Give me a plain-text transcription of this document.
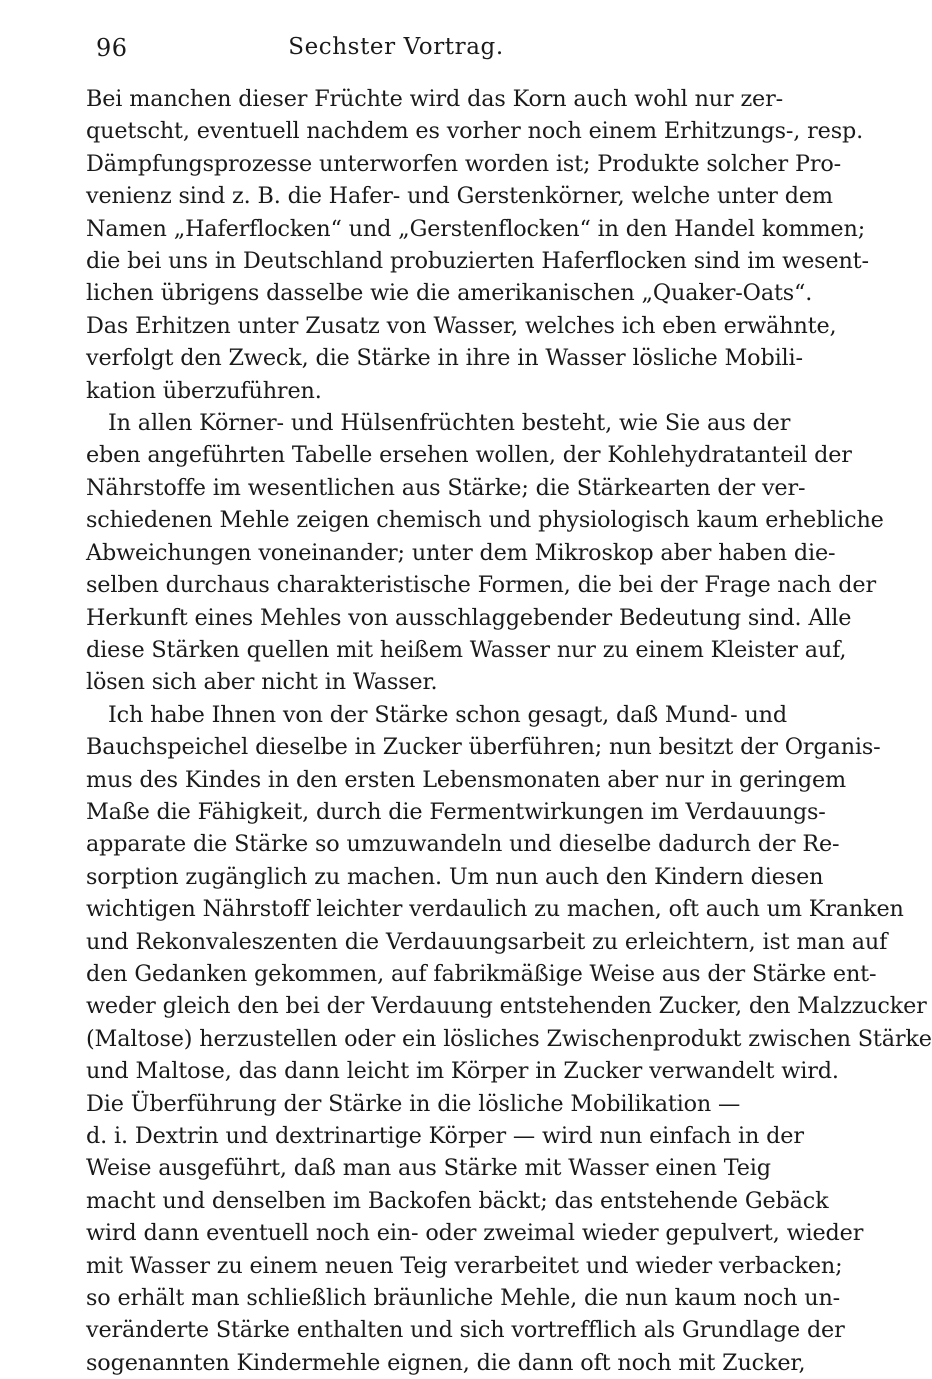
96	Sechster Vortrag.
Bei manchen dieser Früchte wird das Korn auch wohl nur zer-
quetscht, eventuell nachdem es vorher noch einem Erhitzungs-, resp.
Dämpfungsprozesse unterworfen worden ist; Produkte solcher Pro-
venienz sind z. B. die Hafer- und Gerstenkörner, welche unter dem
Namen „Haferflocken“ und „Gerstenflocken“ in den Handel kommen;
die bei uns in Deutschland probuzierten Haferflocken sind im wesent-
lichen übrigens dasselbe wie die amerikanischen „Quaker-Oats“.
Das Erhitzen unter Zusatz von Wasser, welches ich eben erwähnte,
verfolgt den Zweck, die Stärke in ihre in Wasser lösliche Mobili-
kation überzuführen.
In allen Körner- und Hülsenfrüchten besteht, wie Sie aus der
eben angeführten Tabelle ersehen wollen, der Kohlehydratanteil der
Nährstoffe im wesentlichen aus Stärke; die Stärkearten der ver-
schiedenen Mehle zeigen chemisch und physiologisch kaum erhebliche
Abweichungen voneinander; unter dem Mikroskop aber haben die-
selben durchaus charakteristische Formen, die bei der Frage nach der
Herkunft eines Mehles von ausschlaggebender Bedeutung sind. Alle
diese Stärken quellen mit heißem Wasser nur zu einem Kleister auf,
lösen sich aber nicht in Wasser.
Ich habe Ihnen von der Stärke schon gesagt, daß Mund- und
Bauchspeichel dieselbe in Zucker überführen; nun besitzt der Organis-
mus des Kindes in den ersten Lebensmonaten aber nur in geringem
Maße die Fähigkeit, durch die Fermentwirkungen im Verdauungs-
apparate die Stärke so umzuwandeln und dieselbe dadurch der Re-
sorption zugänglich zu machen. Um nun auch den Kindern diesen
wichtigen Nährstoff leichter verdaulich zu machen, oft auch um Kranken
und Rekonvaleszenten die Verdauungsarbeit zu erleichtern, ist man auf
den Gedanken gekommen, auf fabrikmäßige Weise aus der Stärke ent-
weder gleich den bei der Verdauung entstehenden Zucker, den Malzzucker
(Maltose) herzustellen oder ein lösliches Zwischenprodukt zwischen Stärke
und Maltose, das dann leicht im Körper in Zucker verwandelt wird.
Die Überführung der Stärke in die lösliche Mobilikation —
d. i. Dextrin und dextrinartige Körper — wird nun einfach in der
Weise ausgeführt, daß man aus Stärke mit Wasser einen Teig
macht und denselben im Backofen bäckt; das entstehende Gebäck
wird dann eventuell noch ein- oder zweimal wieder gepulvert, wieder
mit Wasser zu einem neuen Teig verarbeitet und wieder verbacken;
so erhält man schließlich bräunliche Mehle, die nun kaum noch un-
veränderte Stärke enthalten und sich vortrefflich als Grundlage der
sogenannten Kindermehle eignen, die dann oft noch mit Zucker,
